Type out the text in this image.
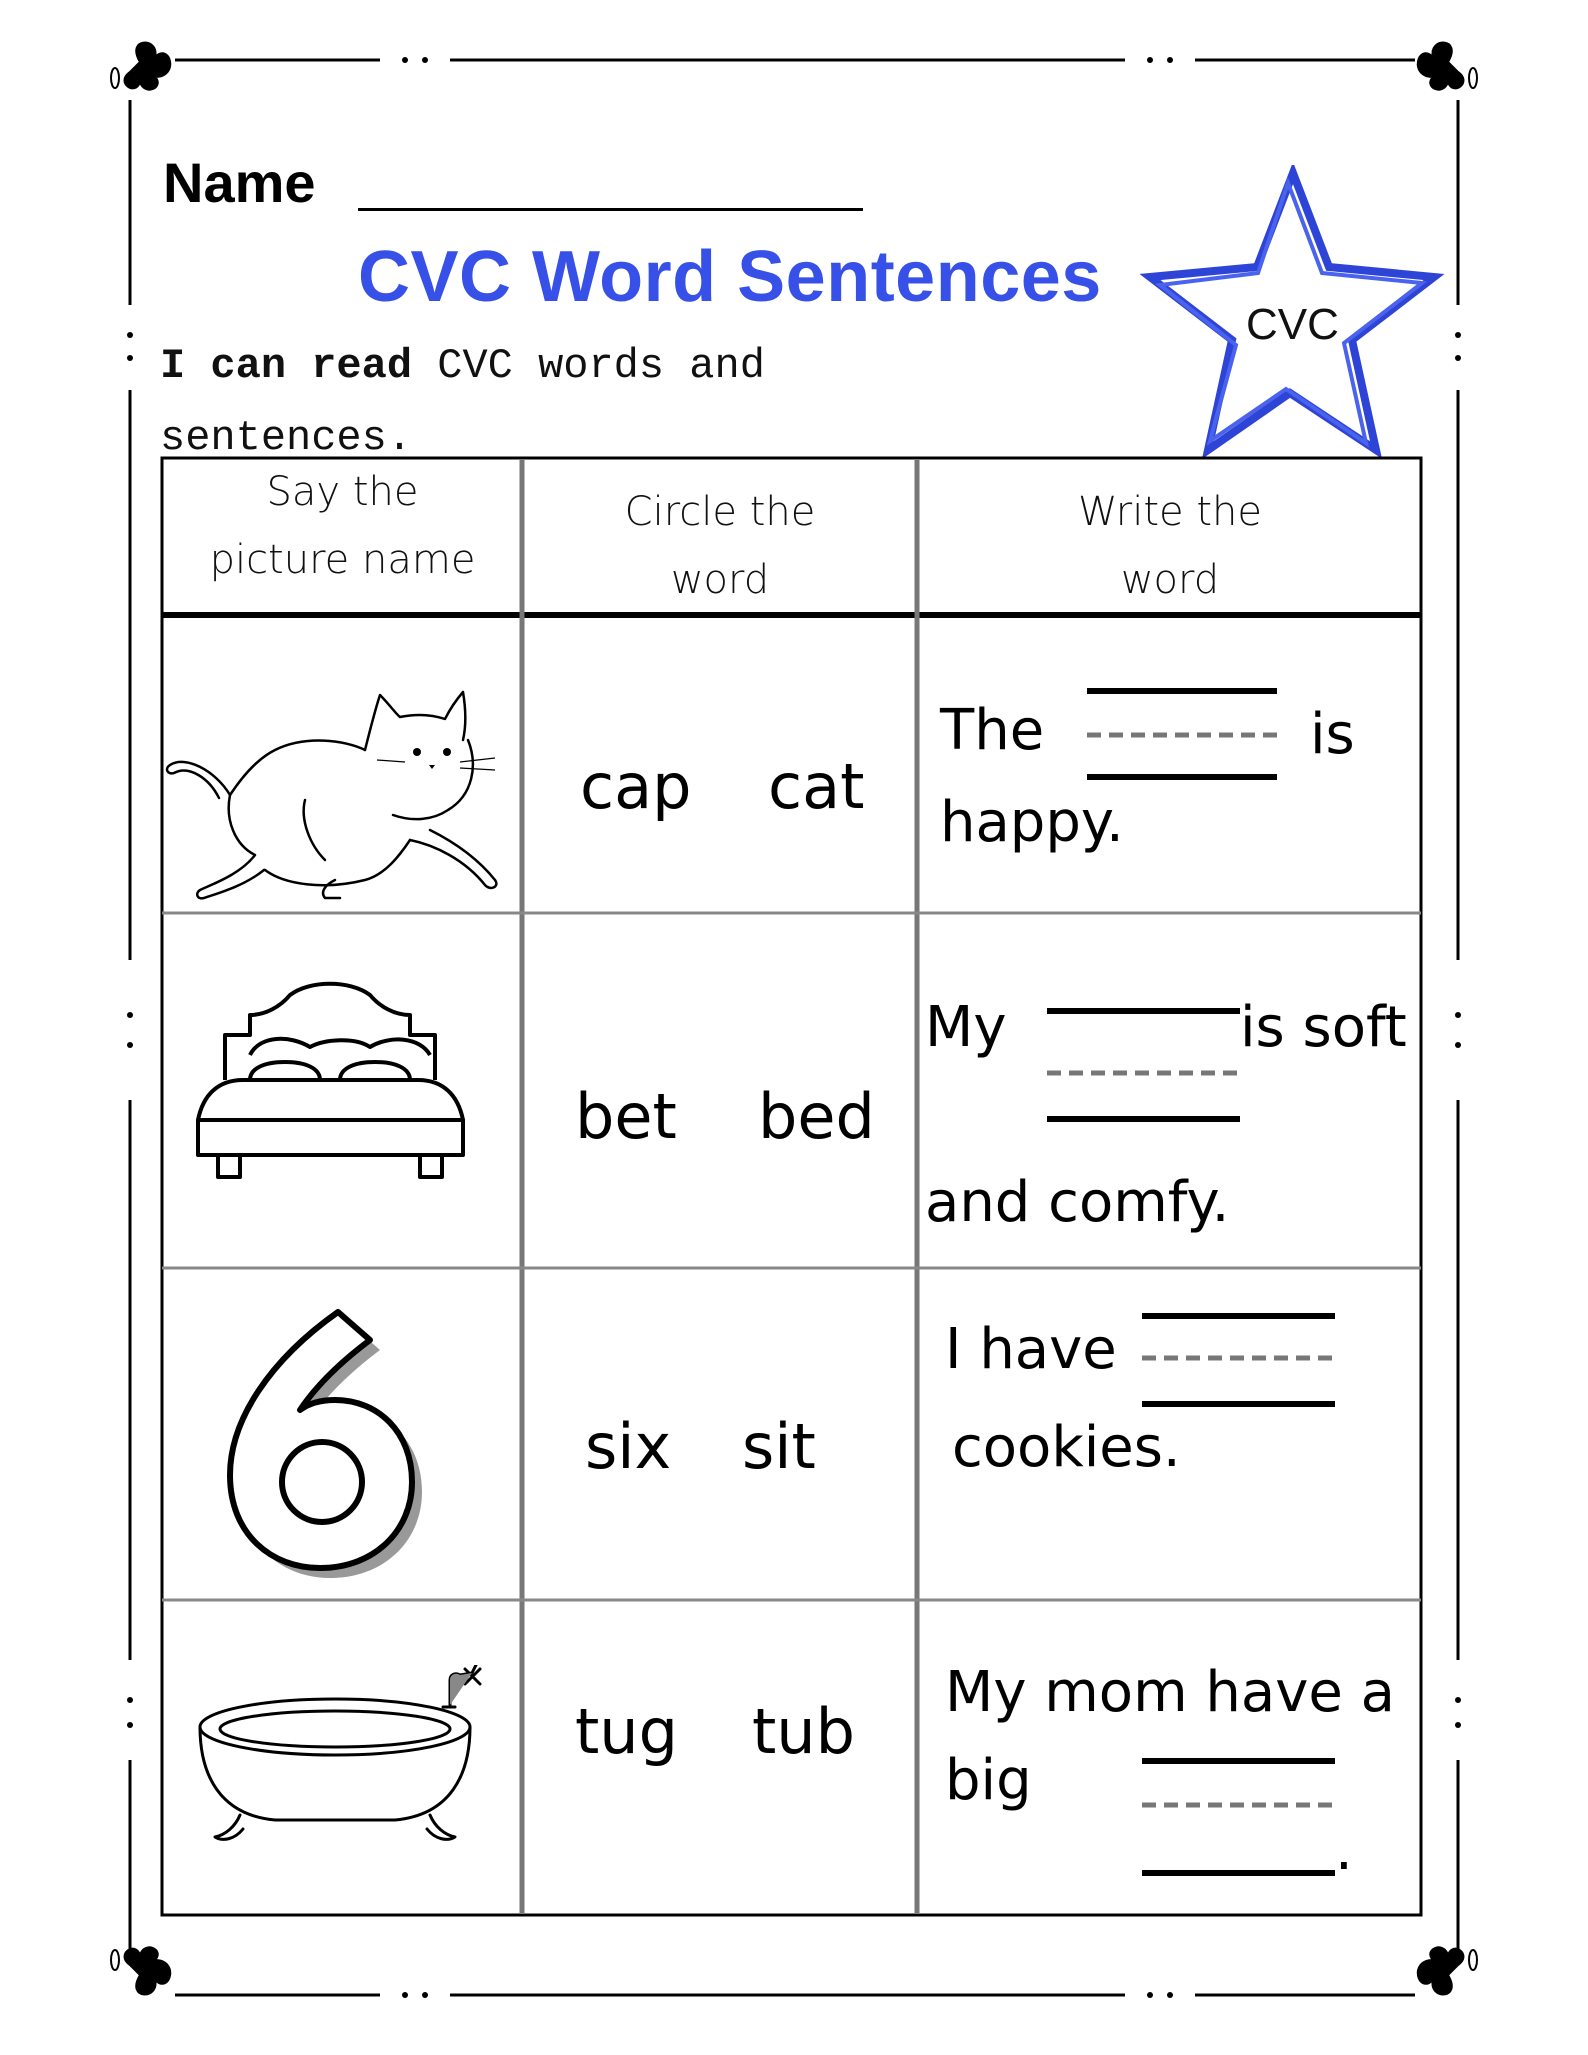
Name
CVC Word Sentences
I can read CVC words and
sentences.
CVC
Say the
picture name
Circle the
word
Write the
word
cap cat
The	is
happy.
bet bed
My	is soft
and comfy.
six sit
I have
cookies.
tug tub
My mom have a
big
.
